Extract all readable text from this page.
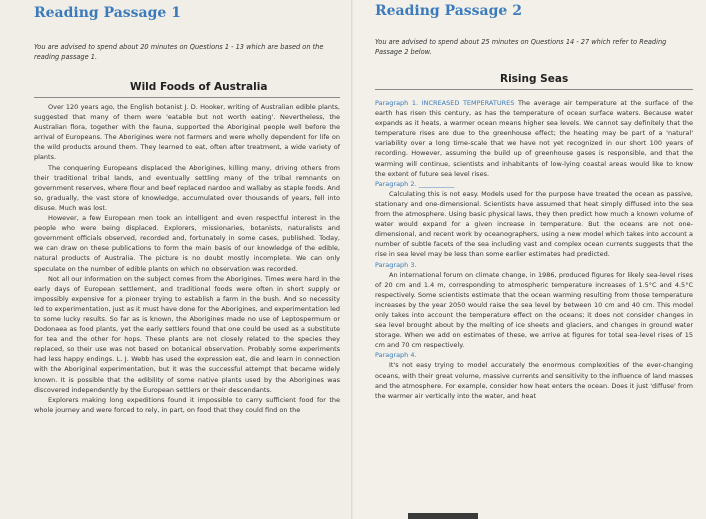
Reading Passage 1
You are advised to spend about 20 minutes on Questions 1 - 13 which are based on the reading passage 1.
Wild Foods of Australia

Over 120 years ago, the English botanist J. D. Hooker, writing of Australian edible plants, suggested that many of them were 'eatable but not worth eating'. Nevertheless, the Australian flora, together with the fauna, supported the Aboriginal people well before the arrival of Europeans. The Aborigines were not farmers and were wholly dependent for life on the wild products around them. They learned to eat, often after treatment, a wide variety of plants.

The conquering Europeans displaced the Aborigines, killing many, driving others from their traditional tribal lands, and eventually settling many of the tribal remnants on government reserves, where flour and beef replaced nardoo and wallaby as staple foods. And so, gradually, the vast store of knowledge, accumulated over thousands of years, fell into disuse. Much was lost.

However, a few European men took an intelligent and even respectful interest in the people who were being displaced. Explorers, missionaries, botanists, naturalists and government officials observed, recorded and, fortunately in some cases, published. Today, we can draw on these publications to form the main basis of our knowledge of the edible, natural products of Australia. The picture is no doubt mostly incomplete. We can only speculate on the number of edible plants on which no observation was recorded.

Not all our information on the subject comes from the Aborigines. Times were hard in the early days of European settlement, and traditional foods were often in short supply or impossibly expensive for a pioneer trying to establish a farm in the bush. And so necessity led to experimentation, just as it must have done for the Aborigines, and experimentation led to some lucky results. So far as is known, the Aborigines made no use of Leptospermum or Dodonaea as food plants, yet the early settlers found that one could be used as a substitute for tea and the other for hops. These plants are not closely related to the species they replaced, so their use was not based on botanical observation. Probably some experiments had less happy endings. L. J. Webb has used the expression eat, die and learn in connection with the Aboriginal experimentation, but it was the successful attempt that became widely known. It is possible that the edibility of some native plants used by the Aborigines was discovered independently by the European settlers or their descendants.

Explorers making long expeditions found it impossible to carry sufficient food for the whole journey and were forced to rely, in part, on food that they could find on the

Reading Passage 2
You are advised to spend about 25 minutes on Questions 14 - 27 which refer to Reading Passage 2 below.
Rising Seas

Paragraph 1. INCREASED TEMPERATURES The average air temperature at the surface of the earth has risen this century, as has the temperature of ocean surface waters. Because water expands as it heats, a warmer ocean means higher sea levels. We cannot say definitely that the temperature rises are due to the greenhouse effect; the heating may be part of a 'natural' variability over a long time-scale that we have not yet recognized in our short 100 years of recording. However, assuming the build up of greenhouse gases is responsible, and that the warming will continue, scientists and inhabitants of low-lying coastal areas would like to know the extent of future sea level rises.

Paragraph 2. ___________

Calculating this is not easy. Models used for the purpose have treated the ocean as passive, stationary and one-dimensional. Scientists have assumed that heat simply diffused into the sea from the atmosphere. Using basic physical laws, they then predict how much a known volume of water would expand for a given increase in temperature. But the oceans are not one-dimensional, and recent work by oceanographers, using a new model which takes into account a number of subtle facets of the sea including vast and complex ocean currents suggests that the rise in sea level may be less than some earlier estimates had predicted.

Paragraph 3.

An international forum on climate change, in 1986, produced figures for likely sea-level rises of 20 cm and 1.4 m, corresponding to atmospheric temperature increases of 1.5°C and 4.5°C respectively. Some scientists estimate that the ocean warming resulting from those temperature increases by the year 2050 would raise the sea level by between 10 cm and 40 cm. This model only takes into account the temperature effect on the oceans; it does not consider changes in sea level brought about by the melting of ice sheets and glaciers, and changes in ground water storage. When we add on estimates of these, we arrive at figures for total sea-level rises of 15 cm and 70 cm respectively.

Paragraph 4.

It's not easy trying to model accurately the enormous complexities of the ever-changing oceans, with their great volume, massive currents and sensitivity to the influence of land masses and the atmosphere. For example, consider how heat enters the ocean. Does it just 'diffuse' from the warmer air vertically into the water, and heat
